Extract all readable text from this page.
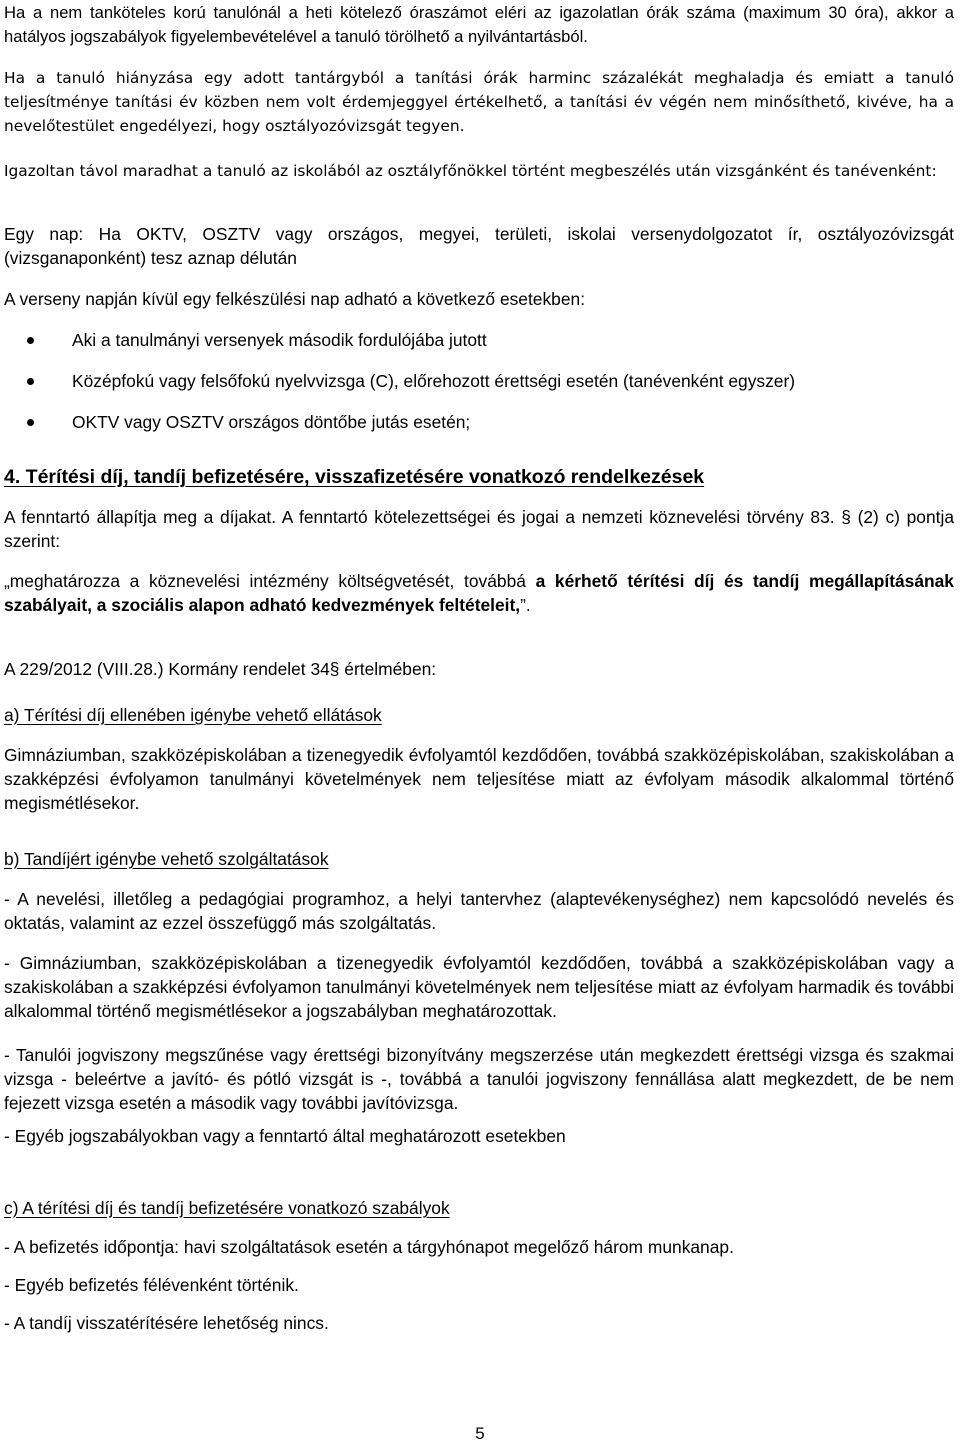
Ha a nem tanköteles korú tanulónál a heti kötelező óraszámot eléri az igazolatlan órák száma (maximum 30 óra), akkor a hatályos jogszabályok figyelembevételével a tanuló törölhető a nyilvántartásból.

Ha a tanuló hiányzása egy adott tantárgyból a tanítási órák harminc százalékát meghaladja és emiatt a tanuló teljesítménye tanítási év közben nem volt érdemjeggyel értékelhető, a tanítási év végén nem minősíthető, kivéve, ha a nevelőtestület engedélyezi, hogy osztályozóvizsgát tegyen.

Igazoltan távol maradhat a tanuló az iskolából az osztályfőnökkel történt megbeszélés után vizsgánként és tanévenként:

Egy nap: Ha OKTV, OSZTV vagy országos, megyei, területi, iskolai versenydolgozatot ír, osztályozóvizsgát (vizsganaponként) tesz aznap délután

A verseny napján kívül egy felkészülési nap adható a következő esetekben:

Aki a tanulmányi versenyek második fordulójába jutott
Középfokú vagy felsőfokú nyelvvizsga (C), előrehozott érettségi esetén (tanévenként egyszer)
OKTV vagy OSZTV országos döntőbe jutás esetén;
4. Térítési díj, tandíj befizetésére, visszafizetésére vonatkozó rendelkezések

A fenntartó állapítja meg a díjakat. A fenntartó kötelezettségei és jogai a nemzeti köznevelési törvény 83. § (2) c) pontja szerint:

„meghatározza a köznevelési intézmény költségvetését, továbbá a kérhető térítési díj és tandíj megállapításának szabályait, a szociális alapon adható kedvezmények feltételeit,”.

A 229/2012 (VIII.28.) Kormány rendelet 34§ értelmében:

a) Térítési díj ellenében igénybe vehető ellátások

Gimnáziumban, szakközépiskolában a tizenegyedik évfolyamtól kezdődően, továbbá szakközépiskolában, szakiskolában a szakképzési évfolyamon tanulmányi követelmények nem teljesítése miatt az évfolyam második alkalommal történő megismétlésekor.

b) Tandíjért igénybe vehető szolgáltatások

- A nevelési, illetőleg a pedagógiai programhoz, a helyi tantervhez (alaptevékenységhez) nem kapcsolódó nevelés és oktatás, valamint az ezzel összefüggő más szolgáltatás.

- Gimnáziumban, szakközépiskolában a tizenegyedik évfolyamtól kezdődően, továbbá a szakközépiskolában vagy a szakiskolában a szakképzési évfolyamon tanulmányi követelmények nem teljesítése miatt az évfolyam harmadik és további alkalommal történő megismétlésekor a jogszabályban meghatározottak.

- Tanulói jogviszony megszűnése vagy érettségi bizonyítvány megszerzése után megkezdett érettségi vizsga és szakmai vizsga - beleértve a javító- és pótló vizsgát is -, továbbá a tanulói jogviszony fennállása alatt megkezdett, de be nem fejezett vizsga esetén a második vagy további javítóvizsga.

- Egyéb jogszabályokban vagy a fenntartó által meghatározott esetekben

c) A térítési díj és tandíj befizetésére vonatkozó szabályok

- A befizetés időpontja: havi szolgáltatások esetén a tárgyhónapot megelőző három munkanap.

- Egyéb befizetés félévenként történik.

- A tandíj visszatérítésére lehetőség nincs.

5
